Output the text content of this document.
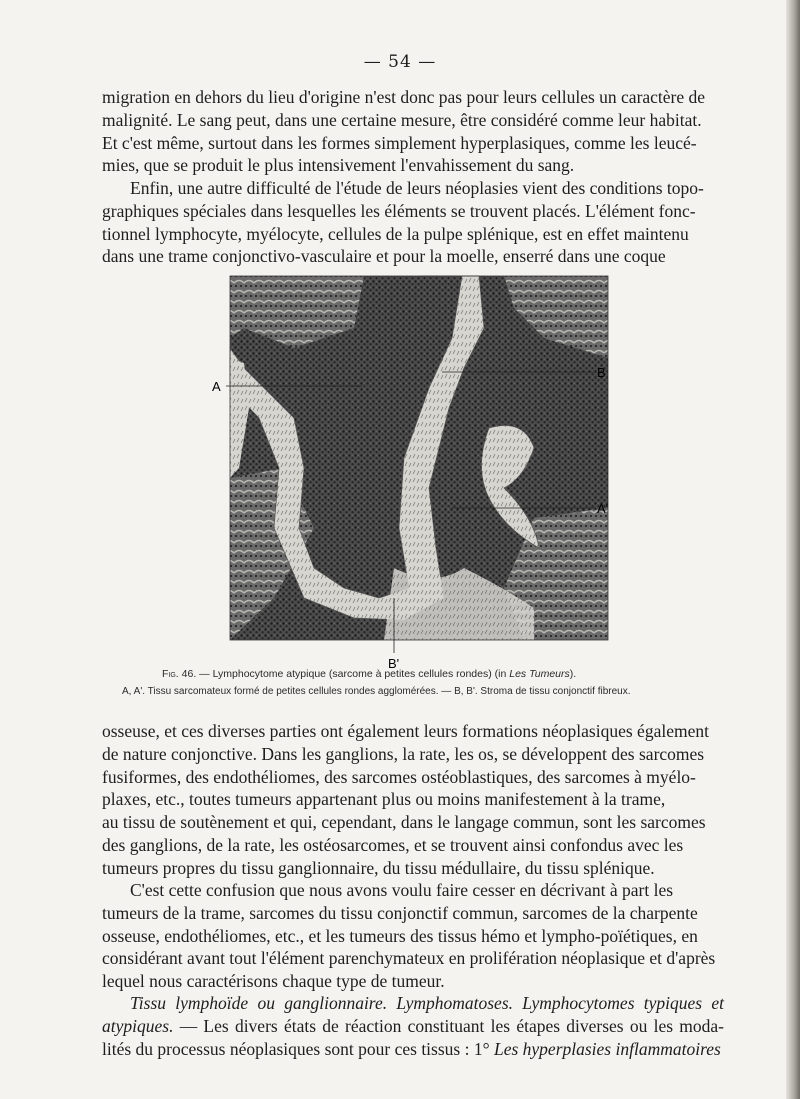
— 54 —

migration en dehors du lieu d'origine n'est donc pas pour leurs cellules un caractère de

malignité. Le sang peut, dans une certaine mesure, être considéré comme leur habitat.

Et c'est même, surtout dans les formes simplement hyperplasiques, comme les leucé-

mies, que se produit le plus intensivement l'envahissement du sang.

Enfin, une autre difficulté de l'étude de leurs néoplasies vient des conditions topo-

graphiques spéciales dans lesquelles les éléments se trouvent placés. L'élément fonc-

tionnel lymphocyte, myélocyte, cellules de la pulpe splénique, est en effet maintenu

dans une trame conjonctivo-vasculaire et pour la moelle, enserré dans une coque

A
B
A'
B'
Fig. 46. — Lymphocytome atypique (sarcome à petites cellules rondes) (in Les Tumeurs).
A, A'. Tissu sarcomateux formé de petites cellules rondes agglomérées. — B, B'. Stroma de tissu conjonctif fibreux.

osseuse, et ces diverses parties ont également leurs formations néoplasiques également

de nature conjonctive. Dans les ganglions, la rate, les os, se développent des sarcomes

fusiformes, des endothéliomes, des sarcomes ostéoblastiques, des sarcomes à myélo-

plaxes, etc., toutes tumeurs appartenant plus ou moins manifestement à la trame,

au tissu de soutènement et qui, cependant, dans le langage commun, sont les sarcomes

des ganglions, de la rate, les ostéosarcomes, et se trouvent ainsi confondus avec les

tumeurs propres du tissu ganglionnaire, du tissu médullaire, du tissu splénique.

C'est cette confusion que nous avons voulu faire cesser en décrivant à part les

tumeurs de la trame, sarcomes du tissu conjonctif commun, sarcomes de la charpente

osseuse, endothéliomes, etc., et les tumeurs des tissus hémo et lympho-poïétiques, en

considérant avant tout l'élément parenchymateux en prolifération néoplasique et d'après

lequel nous caractérisons chaque type de tumeur.

Tissu lymphoïde ou ganglionnaire. Lymphomatoses. Lymphocytomes typiques et atypiques. — Les divers états de réaction constituant les étapes diverses ou les moda-lités du processus néoplasiques sont pour ces tissus : 1° Les hyperplasies inflammatoires
